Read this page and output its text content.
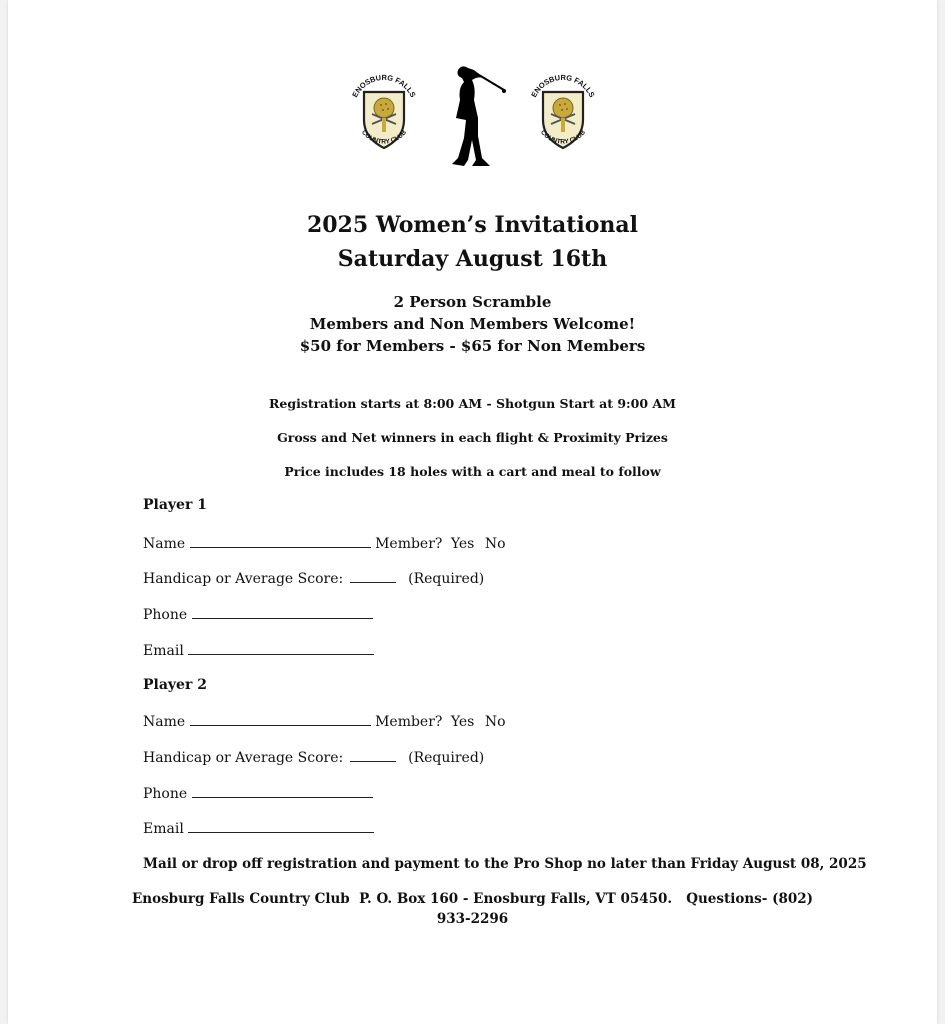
ENOSBURG FALLS
COUNTRY CLUB
ENOSBURG FALLS
COUNTRY CLUB
2025 Women’s Invitational
Saturday August 16th
2 Person Scramble
Members and Non Members Welcome!
$50 for Members - $65 for Non Members
Registration starts at 8:00 AM - Shotgun Start at 9:00 AM
Gross and Net winners in each flight & Proximity Prizes
Price includes 18 holes with a cart and meal to follow
Player 1
Name	Member? Yes No
Handicap or Average Score:	(Required)
Phone
Email
Player 2
Name	Member? Yes No
Handicap or Average Score:	(Required)
Phone
Email
Mail or drop off registration and payment to the Pro Shop no later than Friday August 08, 2025
Enosburg Falls Country Club  P. O. Box 160 - Enosburg Falls, VT 05450.   Questions- (802)
933-2296
